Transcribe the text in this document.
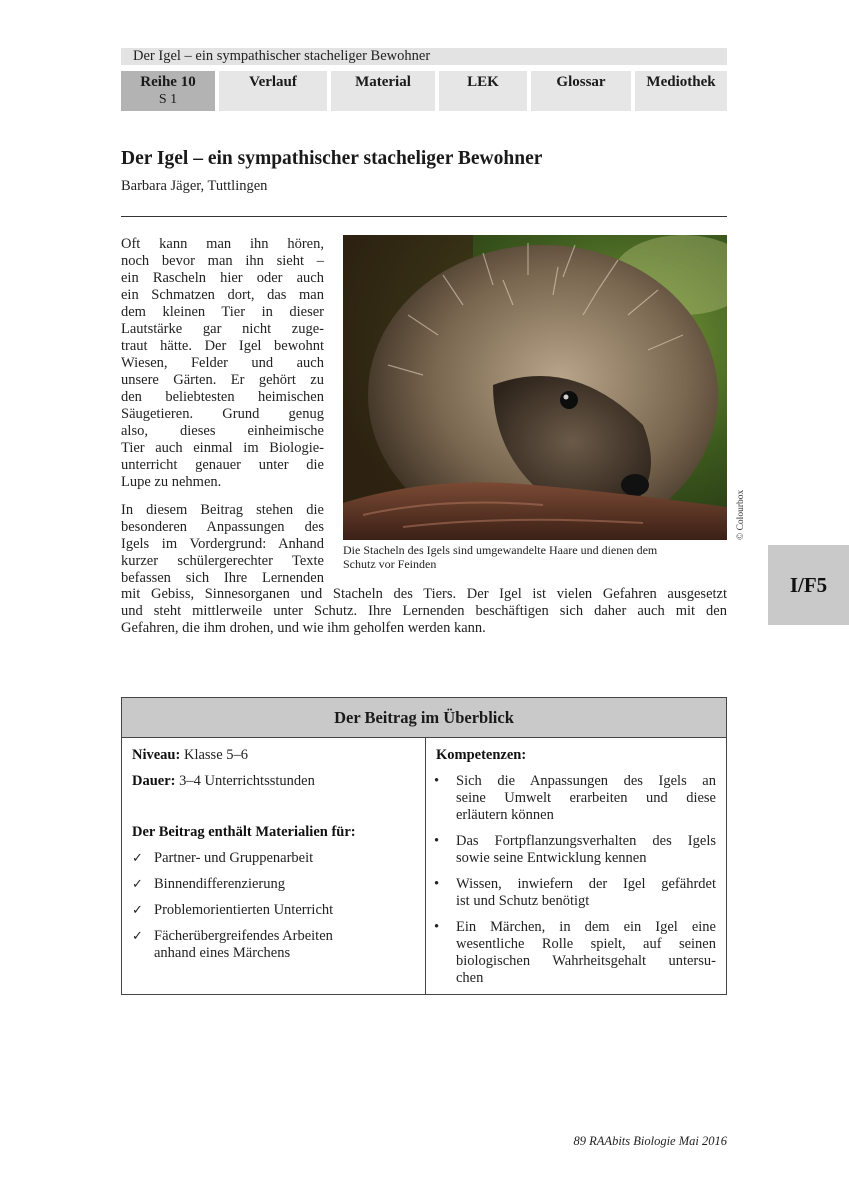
Der Igel – ein sympathischer stacheliger Bewohner
Reihe 10
S 1
Verlauf	Material	LEK	Glossar	Mediothek
Der Igel – ein sympathischer stacheliger Bewohner
Barbara Jäger, Tuttlingen
Oft kann man ihn hören,
noch bevor man ihn sieht –
ein Rascheln hier oder auch
ein Schmatzen dort, das man
dem kleinen Tier in dieser
Lautstärke gar nicht zuge-
traut hätte. Der Igel bewohnt
Wiesen, Felder und auch
unsere Gärten. Er gehört zu
den beliebtesten heimischen
Säugetieren. Grund genug
also, dieses einheimische
Tier auch einmal im Biologie-
unterricht genauer unter die
Lupe zu nehmen.
In diesem Beitrag stehen die
besonderen Anpassungen des
Igels im Vordergrund: Anhand
kurzer schülergerechter Texte
befassen sich Ihre Lernenden
mit Gebiss, Sinnesorganen und Stacheln des Tiers. Der Igel ist vielen Gefahren ausgesetzt
und steht mittlerweile unter Schutz. Ihre Lernenden beschäftigen sich daher auch mit den
Gefahren, die ihm drohen, und wie ihm geholfen werden kann.
© Colourbox
Die Stacheln des Igels sind umgewandelte Haare und dienen dem
Schutz vor Feinden
I/F5
Der Beitrag im Überblick
Niveau: Klasse 5–6
Dauer: 3–4 Unterrichtsstunden
Der Beitrag enthält Materialien für:
✓ Partner- und Gruppenarbeit
✓ Binnendifferenzierung
✓ Problemorientierten Unterricht
✓ Fächerübergreifendes Arbeiten
anhand eines Märchens
Kompetenzen:
• Sich die Anpassungen des Igels an
seine Umwelt erarbeiten und diese
erläutern können
• Das Fortpflanzungsverhalten des Igels
sowie seine Entwicklung kennen
• Wissen, inwiefern der Igel gefährdet
ist und Schutz benötigt
• Ein Märchen, in dem ein Igel eine
wesentliche Rolle spielt, auf seinen
biologischen Wahrheitsgehalt untersu-
chen
89 RAAbits Biologie Mai 2016
